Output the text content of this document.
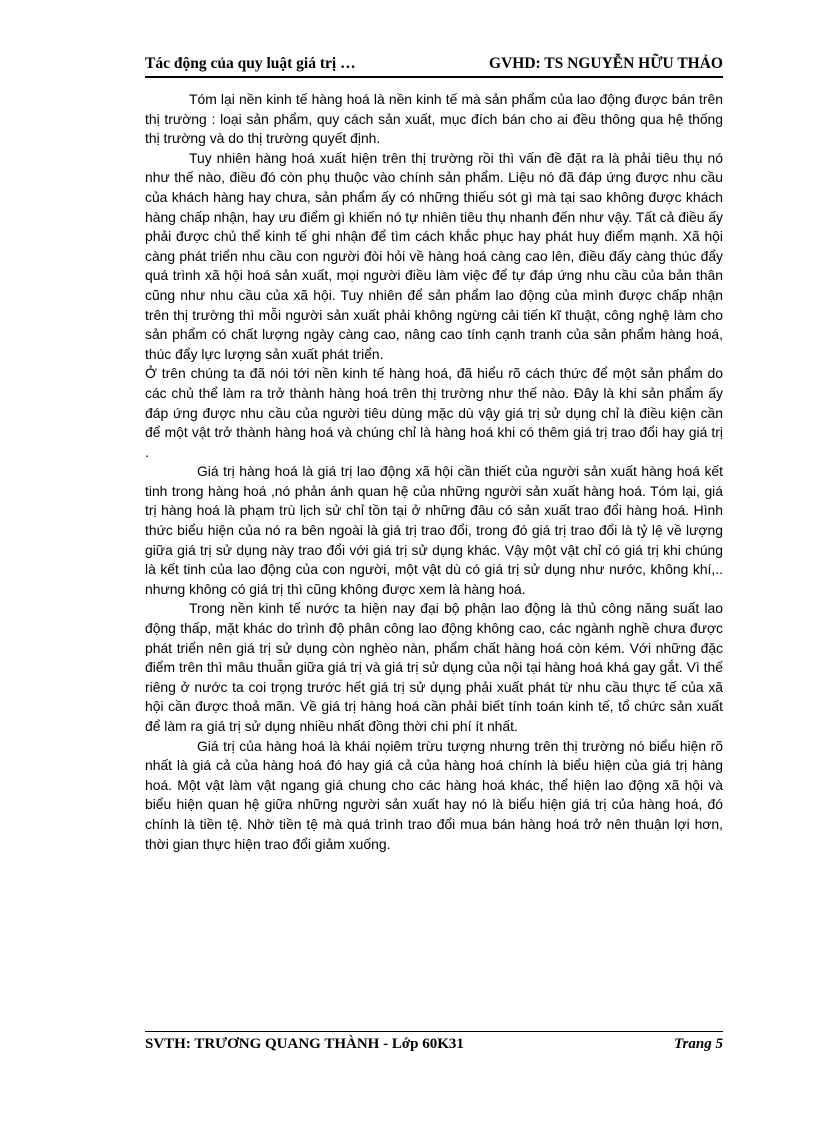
Tác động của quy luật giá trị …	GVHD: TS NGUYỄN HỮU THẢO

Tóm lại nền kinh tế hàng hoá là nền kinh tế mà sản phẩm của lao động được bán trên thị trường : loại sản phẩm, quy cách sản xuất, mục đích bán cho ai đều thông qua hệ thống thị trường và do thị trường quyết định.

Tuy nhiên hàng hoá xuất hiện trên thị trường rồi thì vấn đề đặt ra là phải tiêu thụ nó như thế nào, điều đó còn phụ thuộc vào chính sản phẩm. Liệu nó đã đáp ứng được nhu cầu của khách hàng hay chưa, sản phẩm ấy có những thiếu sót gì mà tại sao không được khách hàng chấp nhận, hay ưu điểm gì khiến nó tự nhiên tiêu thụ nhanh đến như vậy. Tất cả điều ấy phải được chủ thể kinh tế ghi nhận để tìm cách khắc phục hay phát huy điểm mạnh. Xã hội càng phát triển nhu cầu con người đòi hỏi về hàng hoá càng cao lên, điều đấy càng thúc đẩy quá trình xã hội hoá sản xuất, mọi người điều làm việc để tự đáp ứng nhu cầu của bản thân cũng như nhu cầu của xã hội. Tuy nhiên để sản phẩm lao động của mình được chấp nhận trên thị trường thì mỗi người sản xuất phải không ngừng cải tiến kĩ thuật, công nghệ làm cho sản phẩm có chất lượng ngày càng cao, nâng cao tính cạnh tranh của sản phẩm hàng hoá, thúc đẩy lực lượng sản xuất phát triển.

Ở trên chúng ta đã nói tới nền kinh tế hàng hoá, đã hiểu rõ cách thức để một sản phẩm do các chủ thể làm ra trở thành hàng hoá trên thị trường như thế nào. Đây là khi sản phẩm ấy đáp ứng được nhu cầu của người tiêu dùng mặc dù vậy giá trị sử dụng chỉ là điều kiện cần để một vật trở thành hàng hoá và chúng chỉ là hàng hoá khi có thêm giá trị trao đổi hay giá trị .

Giá trị hàng hoá là giá trị lao động xã hội cần thiết của người sản xuất hàng hoá kết tinh trong hàng hoá ,nó phản ánh quan hệ của những người sản xuất hàng hoá. Tóm lại, giá trị hàng hoá là phạm trù lịch sử chỉ tồn tại ở những đâu có sản xuất trao đổi hàng hoá. Hình thức biểu hiện của nó ra bên ngoài là giá trị trao đổi, trong đó giá trị trao đổi là tỷ lệ về lượng giữa giá trị sử dụng này trao đổi với giá trị sử dụng khác. Vậy một vật chỉ có giá trị khi chúng là kết tinh của lao động của con người, một vật dù có giá trị sử dụng như nước, không khí,.. nhưng không có giá trị thì cũng không được xem là hàng hoá.

Trong nền kinh tế nước ta hiện nay đại bộ phận lao động là thủ công năng suất lao động thấp, mặt khác do trình độ phân công lao động không cao, các ngành nghề chưa được phát triển nên giá trị sử dụng còn nghèo nàn, phẩm chất hàng hoá còn kém. Với những đặc điểm trên thì mâu thuẫn giữa giá trị và giá trị sử dụng của nội tại hàng hoá khá gay gắt. Vì thế riêng ở nước ta coi trọng trước hết giá trị sử dụng phải xuất phát từ nhu cầu thực tế của xã hội cần được thoả mãn. Về giá trị hàng hoá cần phải biết tính toán kinh tế, tổ chức sản xuất để làm ra giá trị sử dụng nhiều nhất đồng thời chi phí ít nhất.

Giá trị của hàng hoá là khái nọiêm trừu tượng nhưng trên thị trường nó biểu hiện rõ nhất là giá cả của hàng hoá đó hay giá cả của hàng hoá chính là biểu hiện của giá trị hàng hoá. Một vật làm vật ngang giá chung cho các hàng hoá khác, thể hiện lao động xã hội và biểu hiện quan hệ giữa những người sản xuất hay nó là biểu hiện giá trị của hàng hoá, đó chính là tiền tệ. Nhờ tiền tệ mà quá trình trao đổi mua bán hàng hoá trở nên thuận lợi hơn, thời gian thực hiện trao đổi giảm xuống.

SVTH: TRƯƠNG QUANG THÀNH - Lớp 60K31	Trang 5
